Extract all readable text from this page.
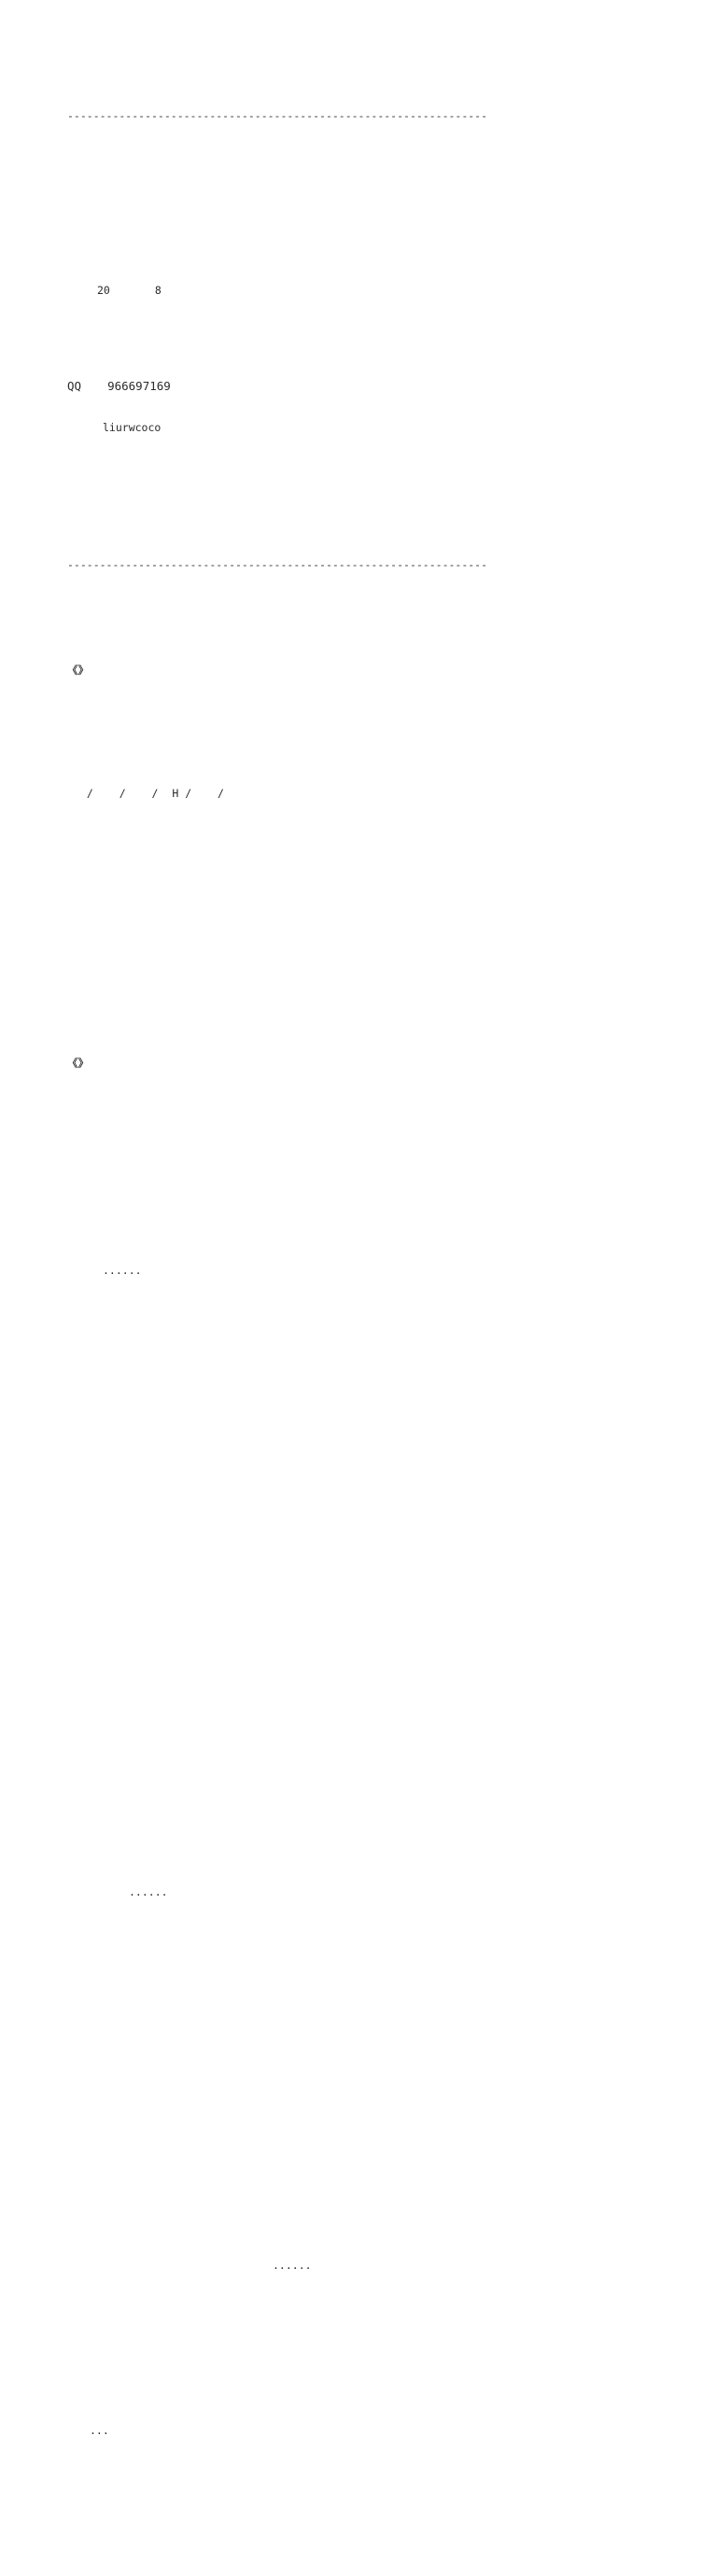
-----------------------------------------------------------------

20	8

QQ 966697169

liurwcoco

-----------------------------------------------------------------

《》

/  /  / H /  /

《》

......

......

......

...
